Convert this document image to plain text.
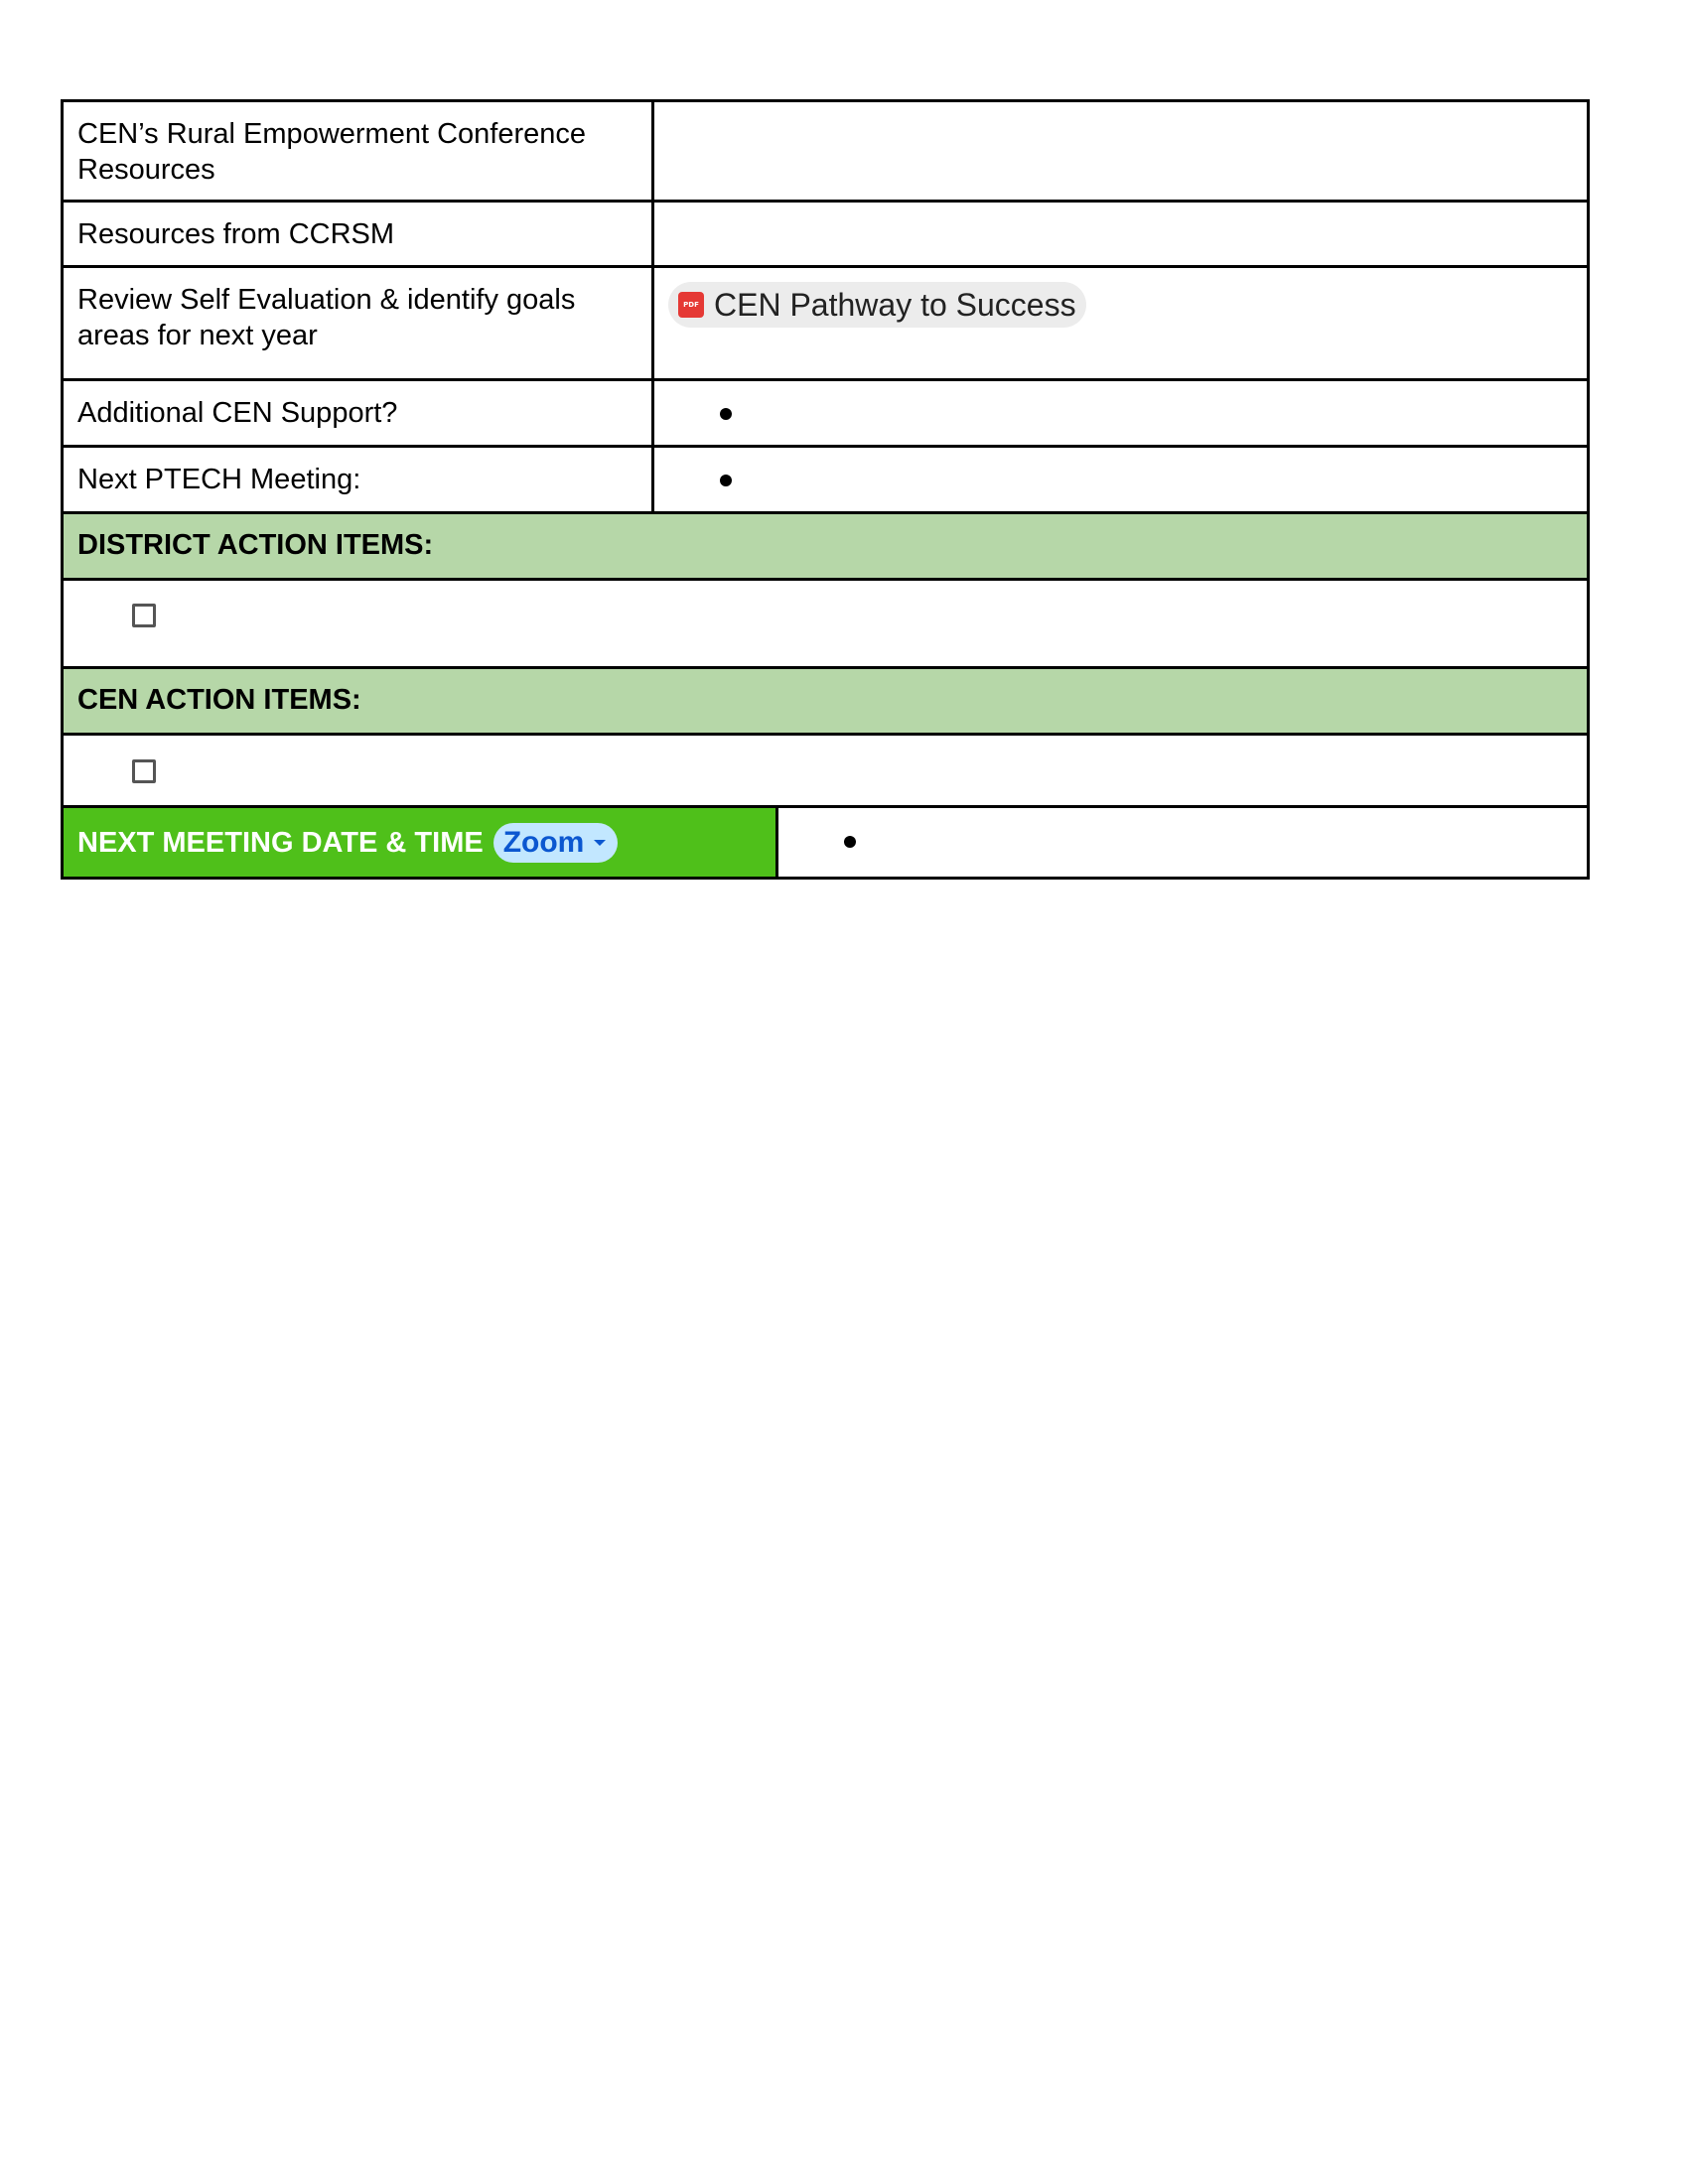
CEN’s Rural Empowerment Conference Resources
Resources from CCRSM
Review Self Evaluation & identify goals areas for next year
PDF CEN Pathway to Success
Additional CEN Support?
Next PTECH Meeting:
DISTRICT ACTION ITEMS:
CEN ACTION ITEMS:
NEXT MEETING DATE & TIME Zoom
